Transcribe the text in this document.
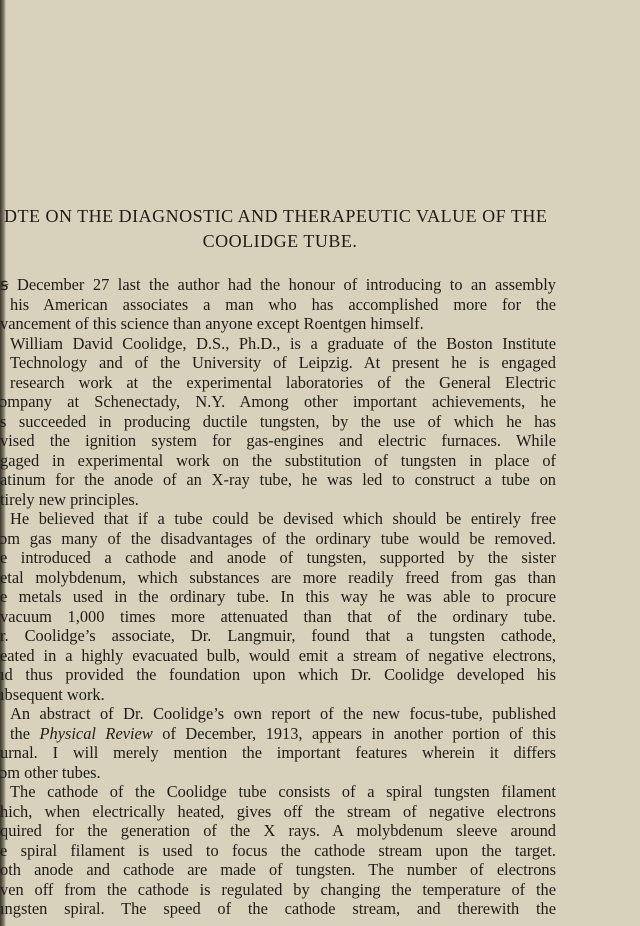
DTE ON THE DIAGNOSTIC AND THERAPEUTIC VALUE OF THE
COOLIDGE TUBE.
ꞩ December 27 last the author had the honour of introducing to an assembly
his American associates a man who has accomplished more for the
vancement of this science than anyone except Roentgen himself.
William David Coolidge, D.S., Ph.D., is a graduate of the Boston Institute
Technology and of the University of Leipzig. At present he is engaged
research work at the experimental laboratories of the General Electric
ɔmpany at Schenectady, N.Y. Among other important achievements, he
s succeeded in producing ductile tungsten, by the use of which he has
vised the ignition system for gas-engines and electric furnaces. While
gaged in experimental work on the substitution of tungsten in place of
atinum for the anode of an X-ray tube, he was led to construct a tube on
tirely new principles.
He believed that if a tube could be devised which should be entirely free
ɔm gas many of the disadvantages of the ordinary tube would be removed.
e introduced a cathode and anode of tungsten, supported by the sister
etal molybdenum, which substances are more readily freed from gas than
e metals used in the ordinary tube. In this way he was able to procure
vacuum 1,000 times more attenuated than that of the ordinary tube.
r. Coolidge’s associate, Dr. Langmuir, found that a tungsten cathode,
eated in a highly evacuated bulb, would emit a stream of negative electrons,
ıd thus provided the foundation upon which Dr. Coolidge developed his
ıbsequent work.
An abstract of Dr. Coolidge’s own report of the new focus-tube, published
the Physical Review of December, 1913, appears in another portion of this
urnal. I will merely mention the important features wherein it differs
ɔm other tubes.
The cathode of the Coolidge tube consists of a spiral tungsten filament
hich, when electrically heated, gives off the stream of negative electrons
quired for the generation of the X rays. A molybdenum sleeve around
e spiral filament is used to focus the cathode stream upon the target.
oth anode and cathode are made of tungsten. The number of electrons
ven off from the cathode is regulated by changing the temperature of the
ıngsten spiral. The speed of the cathode stream, and therewith the
